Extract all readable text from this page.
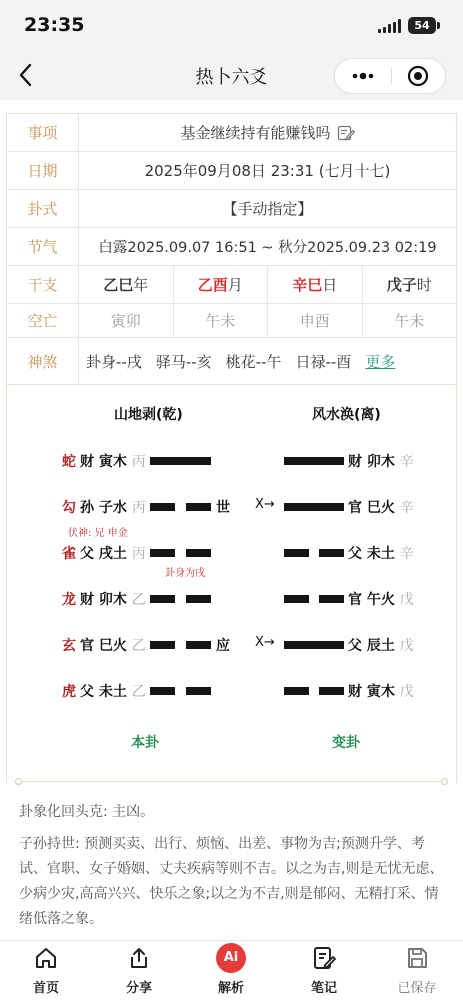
23:35	54
热卜六爻
事项	基金继续持有能赚钱吗
日期	2025年09月08日 23:31 (七月十七)
卦式	【手动指定】
节气	白露2025.09.07 16:51 ~ 秋分2025.09.23 02:19
干支	乙巳 年	乙酉 月	辛巳 日	戊子 时
空亡	寅卯	午未	申酉	午未
神煞	卦身--戌 驿马--亥 桃花--午 日禄--酉 更多
山地剥(乾)	风水涣(离)
蛇 财 寅木 丙	财 卯木 辛
勾 孙 子水 丙	世 X→	官 巳火 辛
雀 父 戌土 丙	父 未土 辛
龙 财 卯木 乙	官 午火 戊
玄 官 巳火 乙	应 X→	父 辰土 戊
虎 父 未土 乙	财 寅木 戊
伏神: 兄 申金
卦身为戌
本卦	变卦
卦象化回头克: 主凶。
子孙持世: 预测买卖、出行、烦恼、出差、事物为吉;预测升学、考试、官职、女子婚姻、丈夫疾病等则不吉。以之为吉,则是无忧无虑、少病少灾,高高兴兴、快乐之象;以之为不吉,则是郁闷、无精打采、情绪低落之象。
首页	分享
Ai
解析	笔记	已保存
